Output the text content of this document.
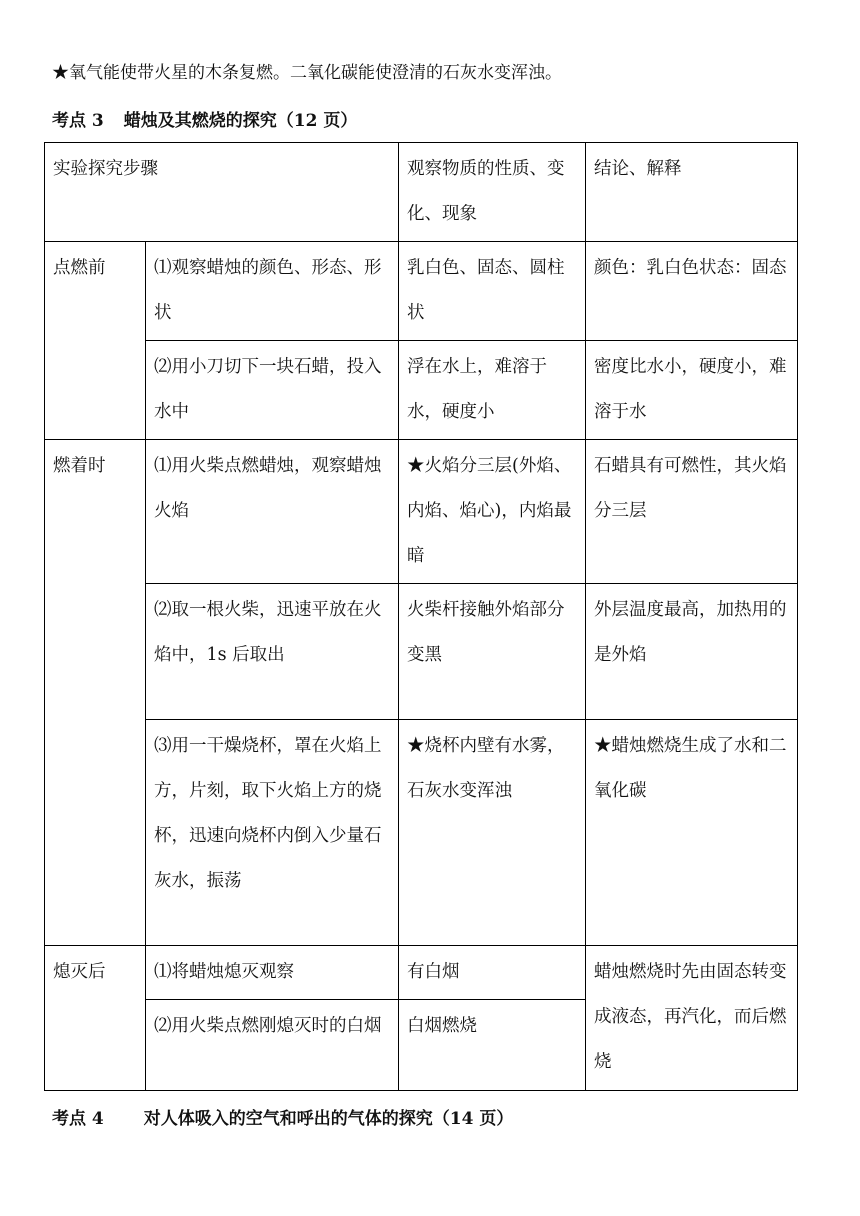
★氧气能使带火星的木条复燃。二氧化碳能使澄清的石灰水变浑浊。
考点 3 蜡烛及其燃烧的探究（12 页）
实验探究步骤		观察物质的性质、变化、现象	结论、解释
点燃前	⑴观察蜡烛的颜色、形态、形状	乳白色、固态、圆柱状	颜色：乳白色状态：固态
	⑵用小刀切下一块石蜡，投入水中	浮在水上，难溶于水，硬度小	密度比水小，硬度小，难溶于水
燃着时	⑴用火柴点燃蜡烛，观察蜡烛火焰	★火焰分三层(外焰、内焰、焰心)，内焰最暗	石蜡具有可燃性，其火焰分三层
	⑵取一根火柴，迅速平放在火焰中，1s 后取出	火柴杆接触外焰部分变黑	外层温度最高，加热用的是外焰
	⑶用一干燥烧杯，罩在火焰上方，片刻，取下火焰上方的烧杯，迅速向烧杯内倒入少量石灰水，振荡	★烧杯内壁有水雾，石灰水变浑浊	★蜡烛燃烧生成了水和二氧化碳
熄灭后	⑴将蜡烛熄灭观察	有白烟	蜡烛燃烧时先由固态转变成液态，再汽化，而后燃烧
	⑵用火柴点燃刚熄灭时的白烟	白烟燃烧	
考点 4 对人体吸入的空气和呼出的气体的探究（14 页）
